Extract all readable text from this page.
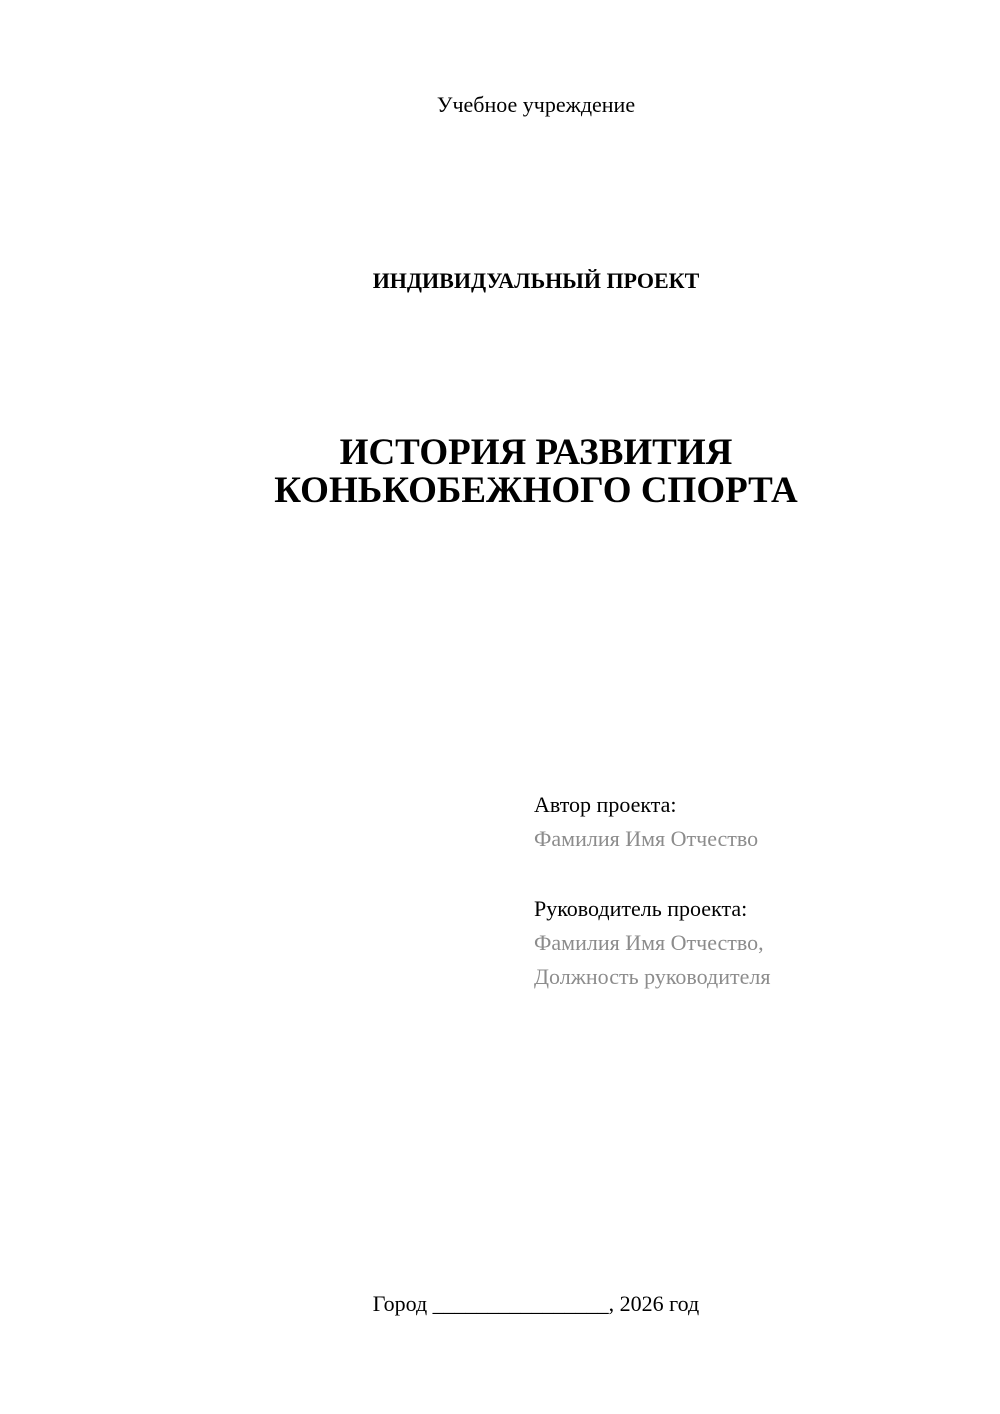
Учебное учреждение
ИНДИВИДУАЛЬНЫЙ ПРОЕКТ
ИСТОРИЯ РАЗВИТИЯ
КОНЬКОБЕЖНОГО СПОРТА
Автор проекта:
Фамилия Имя Отчество
Руководитель проекта:
Фамилия Имя Отчество,
Должность руководителя
Город ________________, 2026 год
